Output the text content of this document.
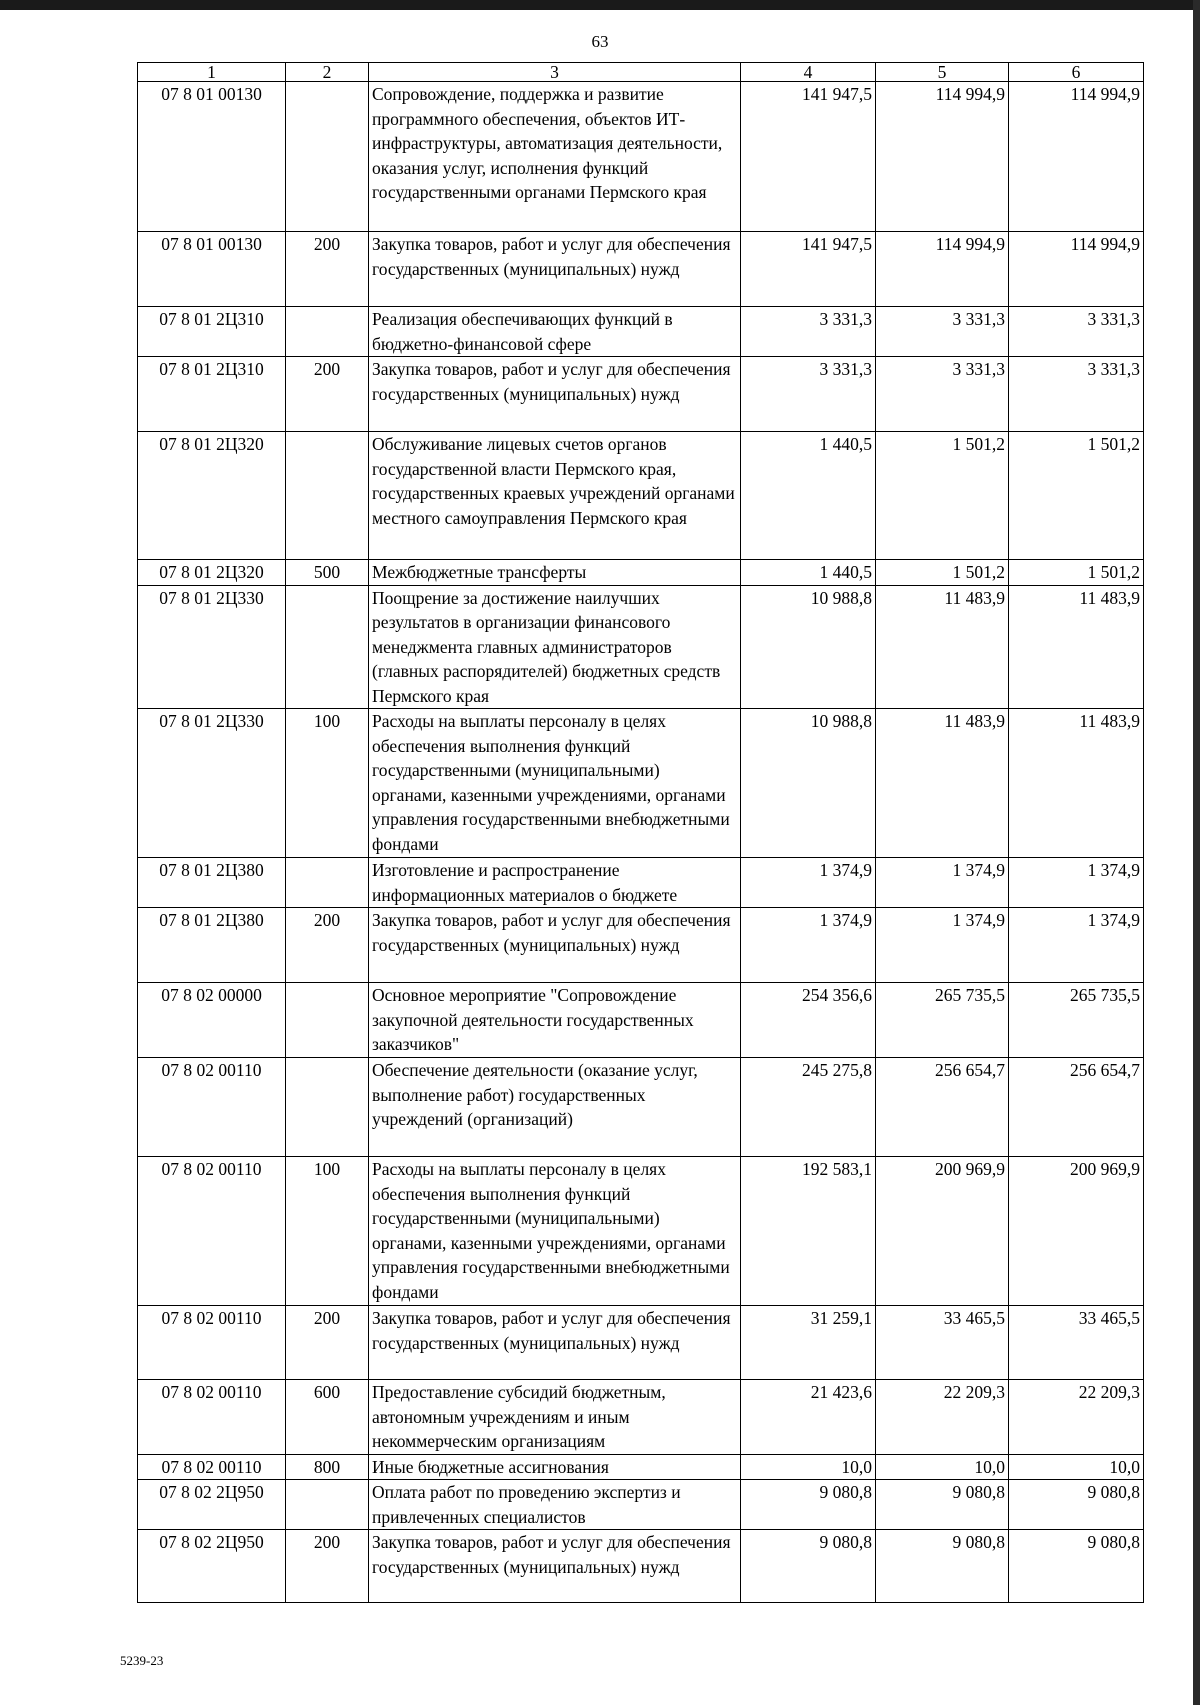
63
1	2	3	4	5	6
07 8 01 00130		Сопровождение, поддержка и развитие программного обеспечения, объектов ИТ-инфраструктуры, автоматизация деятельности, оказания услуг, исполнения функций государственными органами Пермского края	141 947,5	114 994,9	114 994,9
07 8 01 00130	200	Закупка товаров, работ и услуг для обеспечения государственных (муниципальных) нужд	141 947,5	114 994,9	114 994,9
07 8 01 2Ц310		Реализация обеспечивающих функций в бюджетно-финансовой сфере	3 331,3	3 331,3	3 331,3
07 8 01 2Ц310	200	Закупка товаров, работ и услуг для обеспечения государственных (муниципальных) нужд	3 331,3	3 331,3	3 331,3
07 8 01 2Ц320		Обслуживание лицевых счетов органов государственной власти Пермского края, государственных краевых учреждений органами местного самоуправления Пермского края	1 440,5	1 501,2	1 501,2
07 8 01 2Ц320	500	Межбюджетные трансферты	1 440,5	1 501,2	1 501,2
07 8 01 2Ц330		Поощрение за достижение наилучших результатов в организации финансового менеджмента главных администраторов (главных распорядителей) бюджетных средств Пермского края	10 988,8	11 483,9	11 483,9
07 8 01 2Ц330	100	Расходы на выплаты персоналу в целях обеспечения выполнения функций государственными (муниципальными) органами, казенными учреждениями, органами управления государственными внебюджетными фондами	10 988,8	11 483,9	11 483,9
07 8 01 2Ц380		Изготовление и распространение информационных материалов о бюджете	1 374,9	1 374,9	1 374,9
07 8 01 2Ц380	200	Закупка товаров, работ и услуг для обеспечения государственных (муниципальных) нужд	1 374,9	1 374,9	1 374,9
07 8 02 00000		Основное мероприятие "Сопровождение закупочной деятельности государственных заказчиков"	254 356,6	265 735,5	265 735,5
07 8 02 00110		Обеспечение деятельности (оказание услуг, выполнение работ) государственных учреждений (организаций)	245 275,8	256 654,7	256 654,7
07 8 02 00110	100	Расходы на выплаты персоналу в целях обеспечения выполнения функций государственными (муниципальными) органами, казенными учреждениями, органами управления государственными внебюджетными фондами	192 583,1	200 969,9	200 969,9
07 8 02 00110	200	Закупка товаров, работ и услуг для обеспечения государственных (муниципальных) нужд	31 259,1	33 465,5	33 465,5
07 8 02 00110	600	Предоставление субсидий бюджетным, автономным учреждениям и иным некоммерческим организациям	21 423,6	22 209,3	22 209,3
07 8 02 00110	800	Иные бюджетные ассигнования	10,0	10,0	10,0
07 8 02 2Ц950		Оплата работ по проведению экспертиз и привлеченных специалистов	9 080,8	9 080,8	9 080,8
07 8 02 2Ц950	200	Закупка товаров, работ и услуг для обеспечения государственных (муниципальных) нужд	9 080,8	9 080,8	9 080,8
5239-23
